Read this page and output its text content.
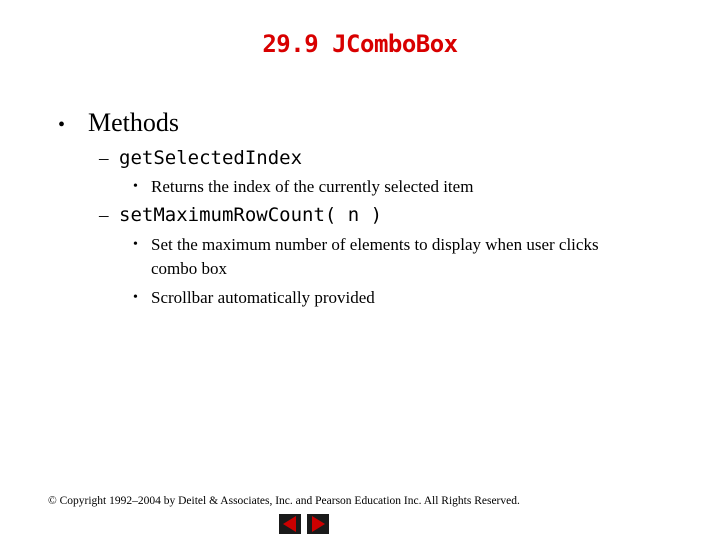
29.9 JComboBox
• Methods
– getSelectedIndex
• Returns the index of the currently selected item
– setMaximumRowCount( n )
• Set the maximum number of elements to display when user clicks combo box
• Scrollbar automatically provided
© Copyright 1992–2004 by Deitel & Associates, Inc. and Pearson Education Inc. All Rights Reserved.
